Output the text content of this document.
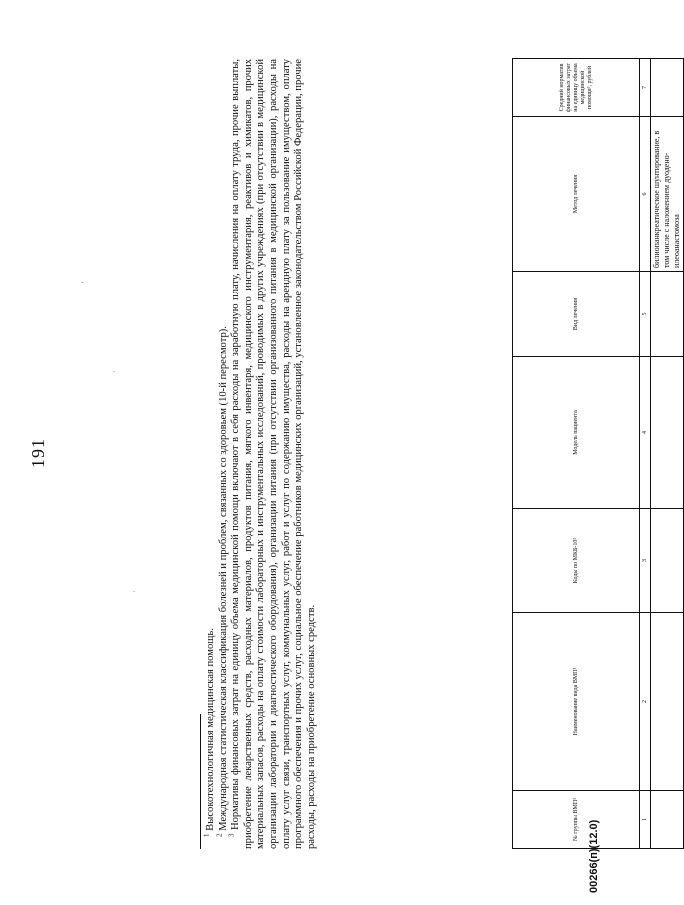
191
№ группы ВМП¹	Наименование вида ВМП¹	Коды по МКБ-10²	Модель пациента	Вид лечения	Метод лечения	Средний норматив финансовых затрат на единицу объема медицинской помощи³, рублей
1	2	3	4	5	6	7
					билиопанкреатическое шунтирование, в том числе с наложением дуодено-илеоанастомоза	

$^1$ Высокотехнологичная медицинская помощь.

$^2$ Международная статистическая классификация болезней и проблем, связанных со здоровьем (10-й пересмотр).

$^3$ Нормативы финансовых затрат на единицу объема медицинской помощи включают в себя расходы на заработную плату, начисления на оплату труда, прочие выплаты, приобретение лекарственных средств, расходных материалов, продуктов питания, мягкого инвентаря, медицинского инструментария, реактивов и химикатов, прочих материальных запасов, расходы на оплату стоимости лабораторных и инструментальных исследований, проводимых в других учреждениях (при отсутствии в медицинской организации лаборатории и диагностического оборудования), организации питания (при отсутствии организованного питания в медицинской организации), расходы на оплату услуг связи, транспортных услуг, коммунальных услуг, работ и услуг по содержанию имущества, расходы на арендную плату за пользование имуществом, оплату программного обеспечения и прочих услуг, социальное обеспечение работников медицинских организаций, установленное законодательством Российской Федерации, прочие расходы, расходы на приобретение основных средств.

00266(п)(12.0)
·
'
·
